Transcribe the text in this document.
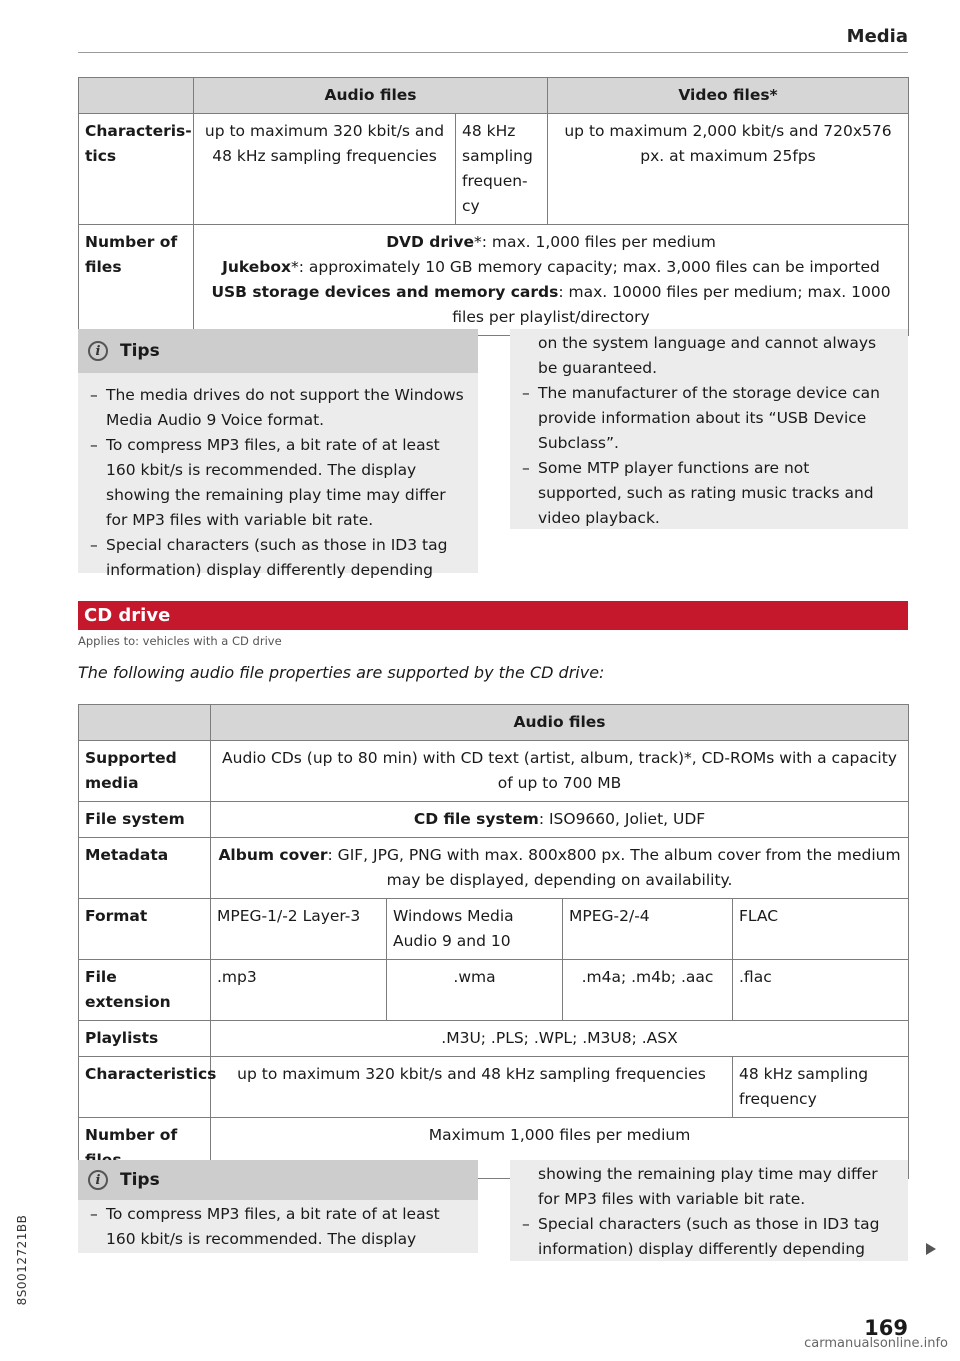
Media
	Audio files		Video files*
Characteris-tics	up to maximum 320 kbit/s and 48 kHz sampling frequencies	48 kHz sampling frequen-cy	up to maximum 2,000 kbit/s and 720x576 px. at maximum 25fps
Number of files	DVD drive*: max. 1,000 files per medium
Jukebox*: approximately 10 GB memory capacity; max. 3,000 files can be imported
USB storage devices and memory cards: max. 10000 files per medium; max. 1000 files per playlist/directory		
i	Tips
– The media drives do not support the Windows Media Audio 9 Voice format.
– To compress MP3 files, a bit rate of at least 160 kbit/s is recommended. The display showing the remaining play time may differ for MP3 files with variable bit rate.
– Special characters (such as those in ID3 tag information) display differently depending

on the system language and cannot always be guaranteed.

– The manufacturer of the storage device can provide information about its “USB Device Subclass”.
– Some MTP player functions are not supported, such as rating music tracks and video playback.
CD drive
Applies to: vehicles with a CD drive
The following audio file properties are supported by the CD drive:
	Audio files			
Supported media	Audio CDs (up to 80 min) with CD text (artist, album, track)*, CD-ROMs with a capacity of up to 700 MB			
File system	CD file system: ISO9660, Joliet, UDF			
Metadata	Album cover: GIF, JPG, PNG with max. 800x800 px. The album cover from the medium may be displayed, depending on availability.			
Format	MPEG-1/-2 Layer-3	Windows Media Audio 9 and 10	MPEG-2/-4	FLAC
File extension	.mp3	.wma	.m4a; .m4b; .aac	.flac
Playlists	.M3U; .PLS; .WPL; .M3U8; .ASX			
Characteristics	up to maximum 320 kbit/s and 48 kHz sampling frequencies			48 kHz sampling frequency
Number of	Maximum 1,000 files per medium			
i	Tips
– To compress MP3 files, a bit rate of at least 160 kbit/s is recommended. The display

showing the remaining play time may differ for MP3 files with variable bit rate.

– Special characters (such as those in ID3 tag information) display differently depending
8S0012721BB
169
carmanualsonline.info
